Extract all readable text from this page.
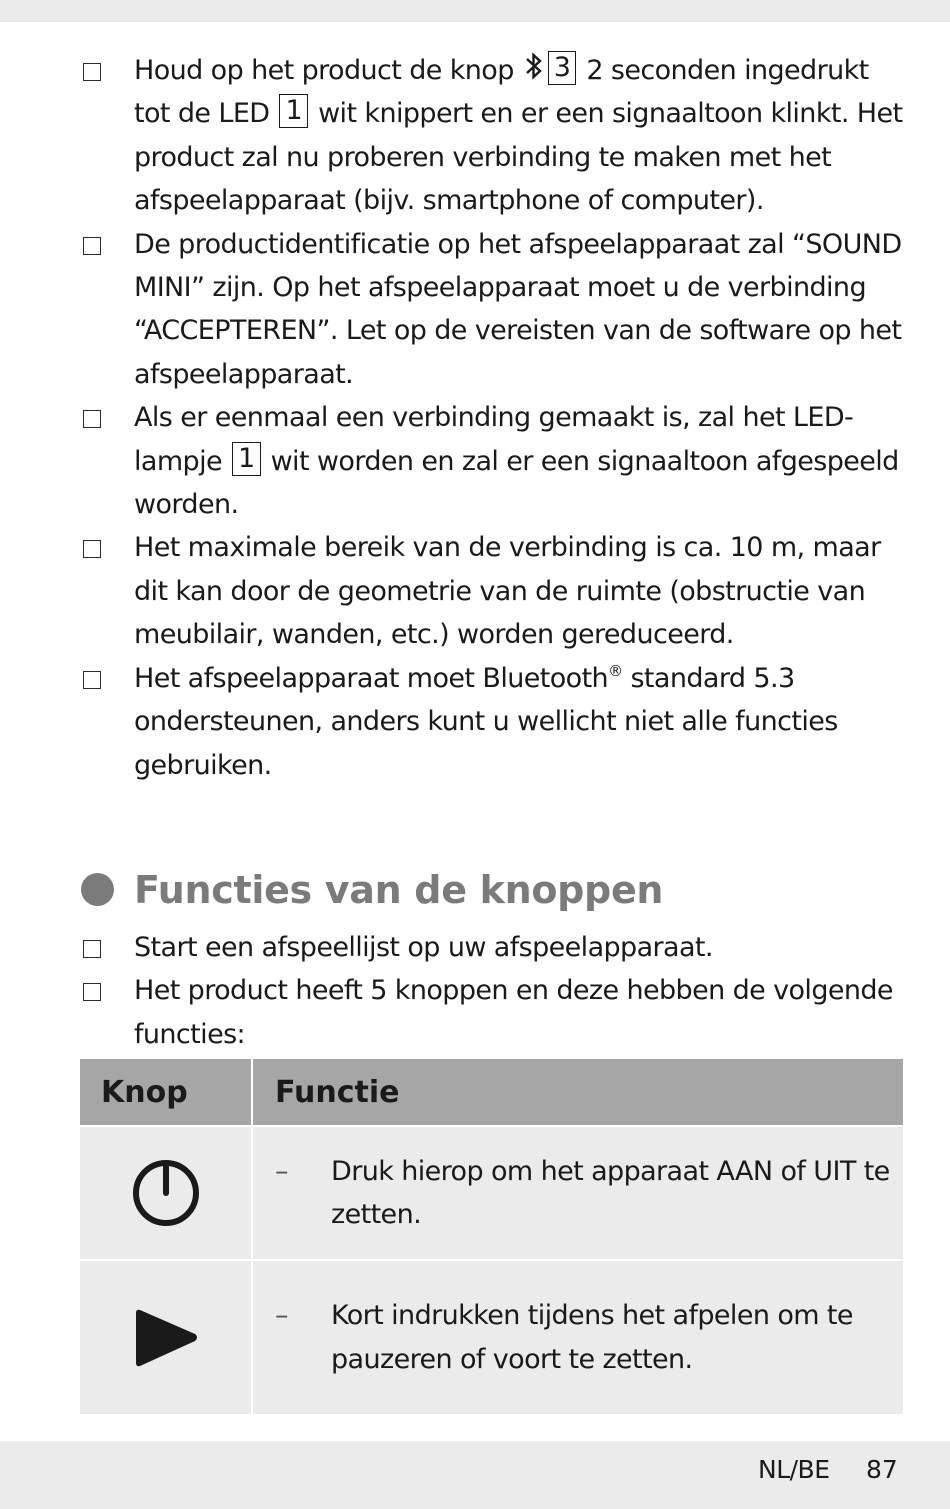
Houd op het product de knop 3 2 seconden ingedrukt tot de LED 1 wit knippert en er een signaaltoon klinkt. Het product zal nu proberen verbinding te maken met het afspeelapparaat (bijv. smartphone of computer).
De productidentificatie op het afspeelapparaat zal “SOUND MINI” zijn. Op het afspeelapparaat moet u de verbinding “ACCEPTEREN”. Let op de vereisten van de software op het afspeelapparaat.
Als er eenmaal een verbinding gemaakt is, zal het LED-lampje 1 wit worden en zal er een signaaltoon afgespeeld worden.
Het maximale bereik van de verbinding is ca. 10 m, maar dit kan door de geometrie van de ruimte (obstructie van meubilair, wanden, etc.) worden gereduceerd.
Het afspeelapparaat moet Bluetooth® standard 5.3 ondersteunen, anders kunt u wellicht niet alle functies gebruiken.
Functies van de knoppen
Start een afspeellijst op uw afspeelapparaat.
Het product heeft 5 knoppen en deze hebben de volgende functies:
Knop	Functie

– Druk hierop om het apparaat AAN of UIT te zetten.

– Kort indrukken tijdens het afpelen om te pauzeren of voort te zetten.
NL/BE 87
